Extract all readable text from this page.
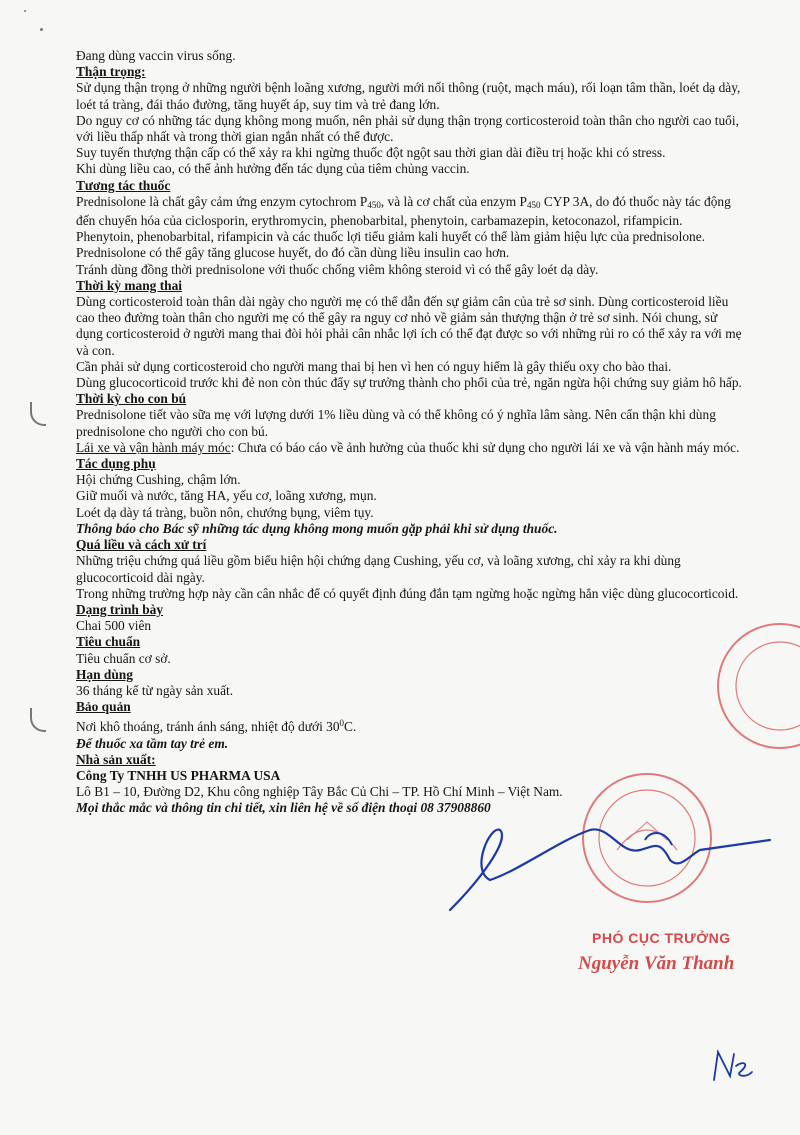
Đang dùng vaccin virus sống.

Thận trọng:

Sử dụng thận trọng ở những người bệnh loãng xương, người mới nối thông (ruột, mạch máu), rối loạn tâm thần, loét dạ dày, loét tá tràng, đái tháo đường, tăng huyết áp, suy tim và trẻ đang lớn.

Do nguy cơ có những tác dụng không mong muốn, nên phải sử dụng thận trọng corticosteroid toàn thân cho người cao tuổi, với liều thấp nhất và trong thời gian ngắn nhất có thể được.

Suy tuyến thượng thận cấp có thể xảy ra khi ngừng thuốc đột ngột sau thời gian dài điều trị hoặc khi có stress.

Khi dùng liều cao, có thể ảnh hưởng đến tác dụng của tiêm chủng vaccin.

Tương tác thuốc

Prednisolone là chất gây cảm ứng enzym cytochrom $P_{450}$, và là cơ chất của enzym $P_{450}$ CYP 3A, do đó thuốc này tác động đến chuyển hóa của ciclosporin, erythromycin, phenobarbital, phenytoin, carbamazepin, ketoconazol, rifampicin.

Phenytoin, phenobarbital, rifampicin và các thuốc lợi tiểu giảm kali huyết có thể làm giảm hiệu lực của prednisolone.

Prednisolone có thể gây tăng glucose huyết, do đó cần dùng liều insulin cao hơn.

Tránh dùng đồng thời prednisolone với thuốc chống viêm không steroid vì có thể gây loét dạ dày.

Thời kỳ mang thai

Dùng corticosteroid toàn thân dài ngày cho người mẹ có thể dẫn đến sự giảm cân của trẻ sơ sinh. Dùng corticosteroid liều cao theo đường toàn thân cho người mẹ có thể gây ra nguy cơ nhỏ về giảm sản thượng thận ở trẻ sơ sinh. Nói chung, sử dụng corticosteroid ở người mang thai đòi hỏi phải cân nhắc lợi ích có thể đạt được so với những rủi ro có thể xảy ra với mẹ và con.

Cần phải sử dụng corticosteroid cho người mang thai bị hen vì hen có nguy hiểm là gây thiếu oxy cho bào thai.

Dùng glucocorticoid trước khi đẻ non còn thúc đẩy sự trưởng thành cho phổi của trẻ, ngăn ngừa hội chứng suy giảm hô hấp.

Thời kỳ cho con bú

Prednisolone tiết vào sữa mẹ với lượng dưới 1% liều dùng và có thể không có ý nghĩa lâm sàng. Nên cẩn thận khi dùng prednisolone cho người cho con bú.

Lái xe và vận hành máy móc: Chưa có báo cáo về ảnh hưởng của thuốc khi sử dụng cho người lái xe và vận hành máy móc.

Tác dụng phụ

Hội chứng Cushing, chậm lớn.

Giữ muối và nước, tăng HA, yếu cơ, loãng xương, mụn.

Loét dạ dày tá tràng, buồn nôn, chướng bụng, viêm tụy.

Thông báo cho Bác sỹ những tác dụng không mong muốn gặp phải khi sử dụng thuốc.

Quá liều và cách xử trí

Những triệu chứng quá liều gồm biểu hiện hội chứng dạng Cushing, yếu cơ, và loãng xương, chỉ xảy ra khi dùng glucocorticoid dài ngày.

Trong những trường hợp này cần cân nhắc để có quyết định đúng đắn tạm ngừng hoặc ngừng hẳn việc dùng glucocorticoid.

Dạng trình bày

Chai 500 viên

Tiêu chuẩn

Tiêu chuẩn cơ sở.

Hạn dùng

36 tháng kể từ ngày sản xuất.

Bảo quản

Nơi khô thoáng, tránh ánh sáng, nhiệt độ dưới $30^0C$.

Để thuốc xa tầm tay trẻ em.

Nhà sản xuất:

Công Ty TNHH US PHARMA USA

Lô B1 – 10, Đường D2, Khu công nghiệp Tây Bắc Củ Chi – TP. Hồ Chí Minh – Việt Nam.

Mọi thắc mắc và thông tin chi tiết, xin liên hệ về số điện thoại 08 37908860

PHÓ CỤC TRƯỞNG
Nguyễn Văn Thanh
